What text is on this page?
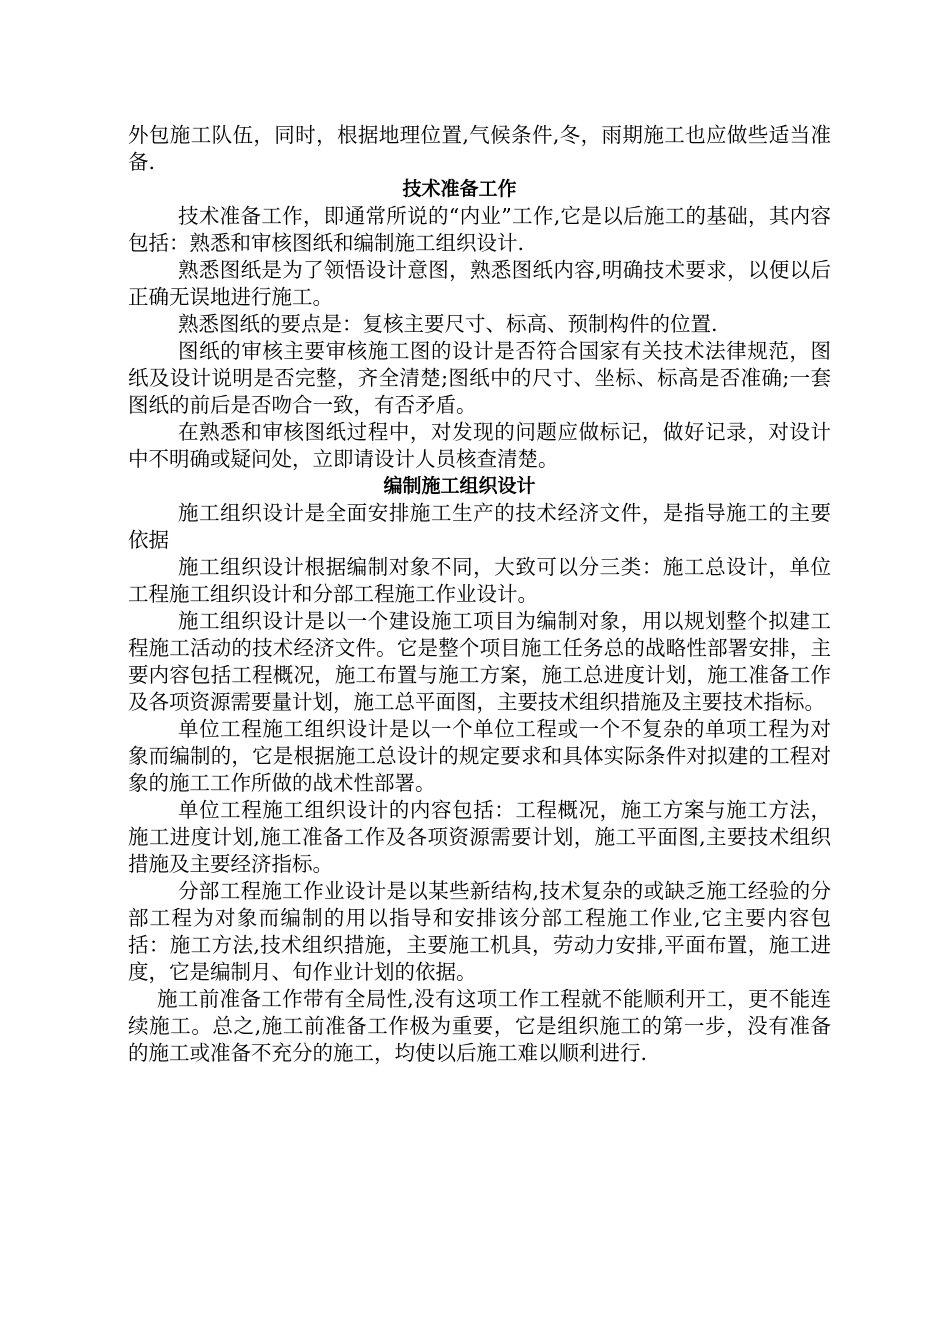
外包施工队伍，同时，根据地理位置,气候条件,冬，雨期施工也应做些适当准备.

技术准备工作

技术准备工作，即通常所说的“内业”工作,它是以后施工的基础，其内容包括：熟悉和审核图纸和编制施工组织设计.

熟悉图纸是为了领悟设计意图，熟悉图纸内容,明确技术要求，以便以后正确无误地进行施工。

熟悉图纸的要点是：复核主要尺寸、标高、预制构件的位置.

图纸的审核主要审核施工图的设计是否符合国家有关技术法律规范，图纸及设计说明是否完整，齐全清楚;图纸中的尺寸、坐标、标高是否准确;一套图纸的前后是否吻合一致，有否矛盾。

在熟悉和审核图纸过程中，对发现的问题应做标记，做好记录，对设计中不明确或疑问处，立即请设计人员核查清楚。

编制施工组织设计

施工组织设计是全面安排施工生产的技术经济文件，是指导施工的主要依据

施工组织设计根据编制对象不同，大致可以分三类：施工总设计，单位工程施工组织设计和分部工程施工作业设计。

施工组织设计是以一个建设施工项目为编制对象，用以规划整个拟建工程施工活动的技术经济文件。它是整个项目施工任务总的战略性部署安排，主要内容包括工程概况，施工布置与施工方案，施工总进度计划，施工准备工作及各项资源需要量计划，施工总平面图，主要技术组织措施及主要技术指标。

单位工程施工组织设计是以一个单位工程或一个不复杂的单项工程为对象而编制的，它是根据施工总设计的规定要求和具体实际条件对拟建的工程对象的施工工作所做的战术性部署。

单位工程施工组织设计的内容包括：工程概况，施工方案与施工方法，施工进度计划,施工准备工作及各项资源需要计划，施工平面图,主要技术组织措施及主要经济指标。

分部工程施工作业设计是以某些新结构,技术复杂的或缺乏施工经验的分部工程为对象而编制的用以指导和安排该分部工程施工作业,它主要内容包括：施工方法,技术组织措施，主要施工机具，劳动力安排,平面布置，施工进度，它是编制月、旬作业计划的依据。

施工前准备工作带有全局性,没有这项工作工程就不能顺利开工，更不能连续施工。总之,施工前准备工作极为重要，它是组织施工的第一步，没有准备的施工或准备不充分的施工，均使以后施工难以顺利进行.
